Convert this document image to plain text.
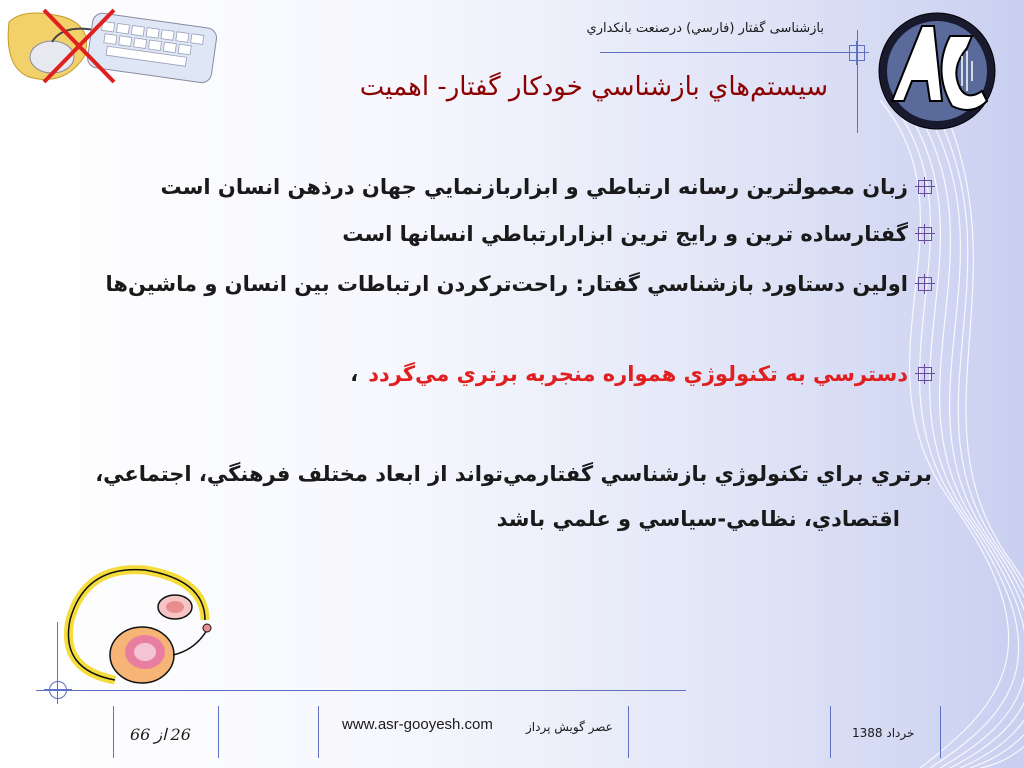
بازشناسی گفتار (فارسي) درصنعت بانكداري
سيستم‌هاي بازشناسي خودكار گفتار- اهميت
زبان معمولترين رسانه ارتباطي و ابزاربازنمايي جهان درذهن انسان است
گفتارساده ترين و رايج ترين ابزارارتباطي انسانها است
اولين دستاورد بازشناسي گفتار: راحت‌تركردن ارتباطات بين انسان و ماشين‌ها
دسترسي به تكنولوژي همواره منجربه برتري مي‌گردد
،
برتري براي تكنولوژي بازشناسي گفتارمي‌تواند از ابعاد مختلف فرهنگي، اجتماعي،
اقتصادي، نظامي-سياسي و علمي باشد
66 از 26
www.asr-gooyesh.com	عصر گویش پرداز	خرداد 1388
